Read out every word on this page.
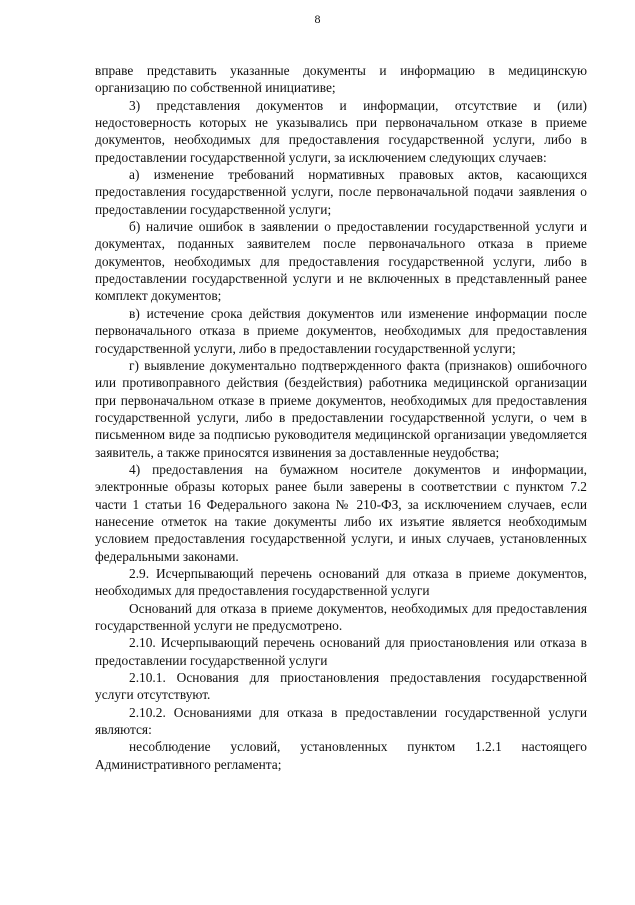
8

вправе представить указанные документы и информацию в медицинскую организацию по собственной инициативе;

3) представления документов и информации, отсутствие и (или) недостоверность которых не указывались при первоначальном отказе в приеме документов, необходимых для предоставления государственной услуги, либо в предоставлении государственной услуги, за исключением следующих случаев:

а) изменение требований нормативных правовых актов, касающихся предоставления государственной услуги, после первоначальной подачи заявления о предоставлении государственной услуги;

б) наличие ошибок в заявлении о предоставлении государственной услуги и документах, поданных заявителем после первоначального отказа в приеме документов, необходимых для предоставления государственной услуги, либо в предоставлении государственной услуги и не включенных в представленный ранее комплект документов;

в) истечение срока действия документов или изменение информации после первоначального отказа в приеме документов, необходимых для предоставления государственной услуги, либо в предоставлении государственной услуги;

г) выявление документально подтвержденного факта (признаков) ошибочного или противоправного действия (бездействия) работника медицинской организации при первоначальном отказе в приеме документов, необходимых для предоставления государственной услуги, либо в предоставлении государственной услуги, о чем в письменном виде за подписью руководителя медицинской организации уведомляется заявитель, а также приносятся извинения за доставленные неудобства;

4) предоставления на бумажном носителе документов и информации, электронные образы которых ранее были заверены в соответствии с пунктом 7.2 части 1 статьи 16 Федерального закона № 210-ФЗ, за исключением случаев, если нанесение отметок на такие документы либо их изъятие является необходимым условием предоставления государственной услуги, и иных случаев, установленных федеральными законами.

2.9. Исчерпывающий перечень оснований для отказа в приеме документов, необходимых для предоставления государственной услуги

Оснований для отказа в приеме документов, необходимых для предоставления государственной услуги не предусмотрено.

2.10. Исчерпывающий перечень оснований для приостановления или отказа в предоставлении государственной услуги

2.10.1. Основания для приостановления предоставления государственной услуги отсутствуют.

2.10.2. Основаниями для отказа в предоставлении государственной услуги являются:

несоблюдение условий, установленных пунктом 1.2.1 настоящего Административного регламента;
